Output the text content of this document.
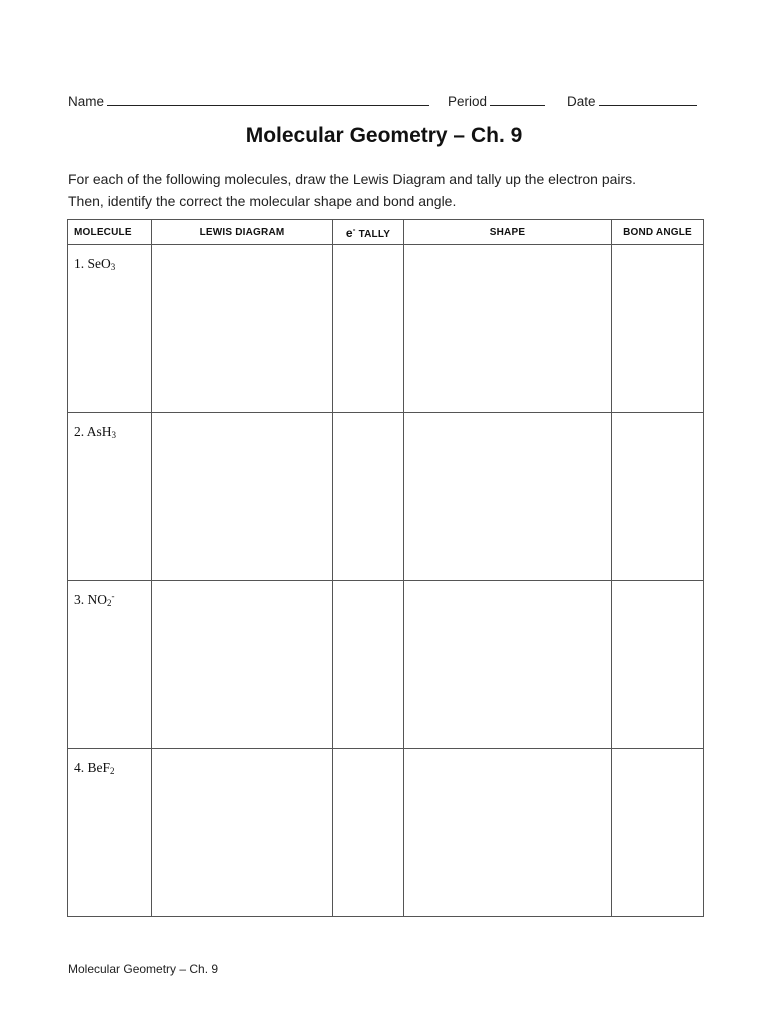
Name	Period	Date
Molecular Geometry – Ch. 9
For each of the following molecules, draw the Lewis Diagram and tally up the electron pairs.
Then, identify the correct the molecular shape and bond angle.
MOLECULE	LEWIS DIAGRAM	e- TALLY	SHAPE	BOND ANGLE

1. SeO$_3$

2. AsH$_3$

3. $NO_2^-$

4. BeF$_2$

Molecular Geometry – Ch. 9
